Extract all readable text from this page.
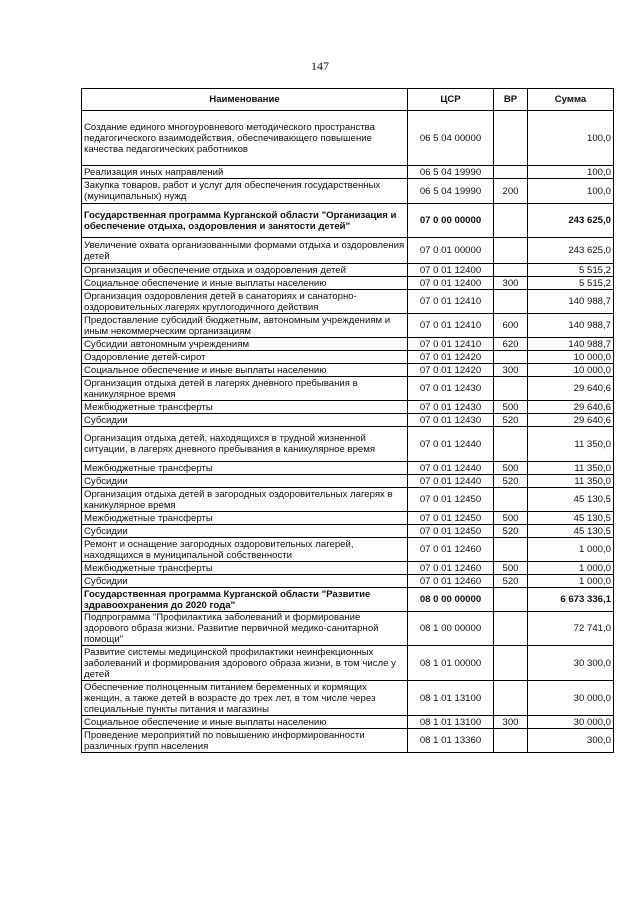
147
Наименование	ЦСР	ВР	Сумма
Создание единого многоуровневого методического пространства педагогического взаимодействия, обеспечивающего повышение качества педагогических работников	06 5 04 00000		100,0
Реализация иных направлений	06 5 04 19990		100,0
Закупка товаров, работ и услуг для обеспечения государственных (муниципальных) нужд	06 5 04 19990	200	100,0
Государственная программа Курганской области "Организация и обеспечение отдыха, оздоровления и занятости детей"	07 0 00 00000		243 625,0
Увеличение охвата организованными формами отдыха и оздоровления детей	07 0 01 00000		243 625,0
Организация и обеспечение отдыха и оздоровления детей	07 0 01 12400		5 515,2
Социальное обеспечение и иные выплаты населению	07 0 01 12400	300	5 515,2
Организация оздоровления детей в санаториях и санаторно-оздоровительных лагерях круглогодичного действия	07 0 01 12410		140 988,7
Предоставление субсидий бюджетным, автономным учреждениям и иным некоммерческим организациям	07 0 01 12410	600	140 988,7
Субсидии автономным учреждениям	07 0 01 12410	620	140 988,7
Оздоровление детей-сирот	07 0 01 12420		10 000,0
Социальное обеспечение и иные выплаты населению	07 0 01 12420	300	10 000,0
Организация отдыха детей в лагерях дневного пребывания в каникулярное время	07 0 01 12430		29 640,6
Межбюджетные трансферты	07 0 01 12430	500	29 640,6
Субсидии	07 0 01 12430	520	29 640,6
Организация отдыха детей, находящихся в трудной жизненной ситуации, в лагерях дневного пребывания в каникулярное время	07 0 01 12440		11 350,0
Межбюджетные трансферты	07 0 01 12440	500	11 350,0
Субсидии	07 0 01 12440	520	11 350,0
Организация отдыха детей в загородных оздоровительных лагерях в каникулярное время	07 0 01 12450		45 130,5
Межбюджетные трансферты	07 0 01 12450	500	45 130,5
Субсидии	07 0 01 12450	520	45 130,5
Ремонт и оснащение загородных оздоровительных лагерей, находящихся в муниципальной собственности	07 0 01 12460		1 000,0
Межбюджетные трансферты	07 0 01 12460	500	1 000,0
Субсидии	07 0 01 12460	520	1 000,0
Государственная программа Курганской области "Развитие здравоохранения до 2020 года"	08 0 00 00000		6 673 336,1
Подпрограмма "Профилактика заболеваний и формирование здорового образа жизни. Развитие первичной медико-санитарной помощи"	08 1 00 00000		72 741,0
Развитие системы медицинской профилактики неинфекционных заболеваний и формирования здорового образа жизни, в том числе у детей	08 1 01 00000		30 300,0
Обеспечение полноценным питанием беременных и кормящих женщин, а также детей в возрасте до трех лет, в том числе через специальные пункты питания и магазины	08 1 01 13100		30 000,0
Социальное обеспечение и иные выплаты населению	08 1 01 13100	300	30 000,0
Проведение мероприятий по повышению информированности различных групп населения	08 1 01 13360		300,0
